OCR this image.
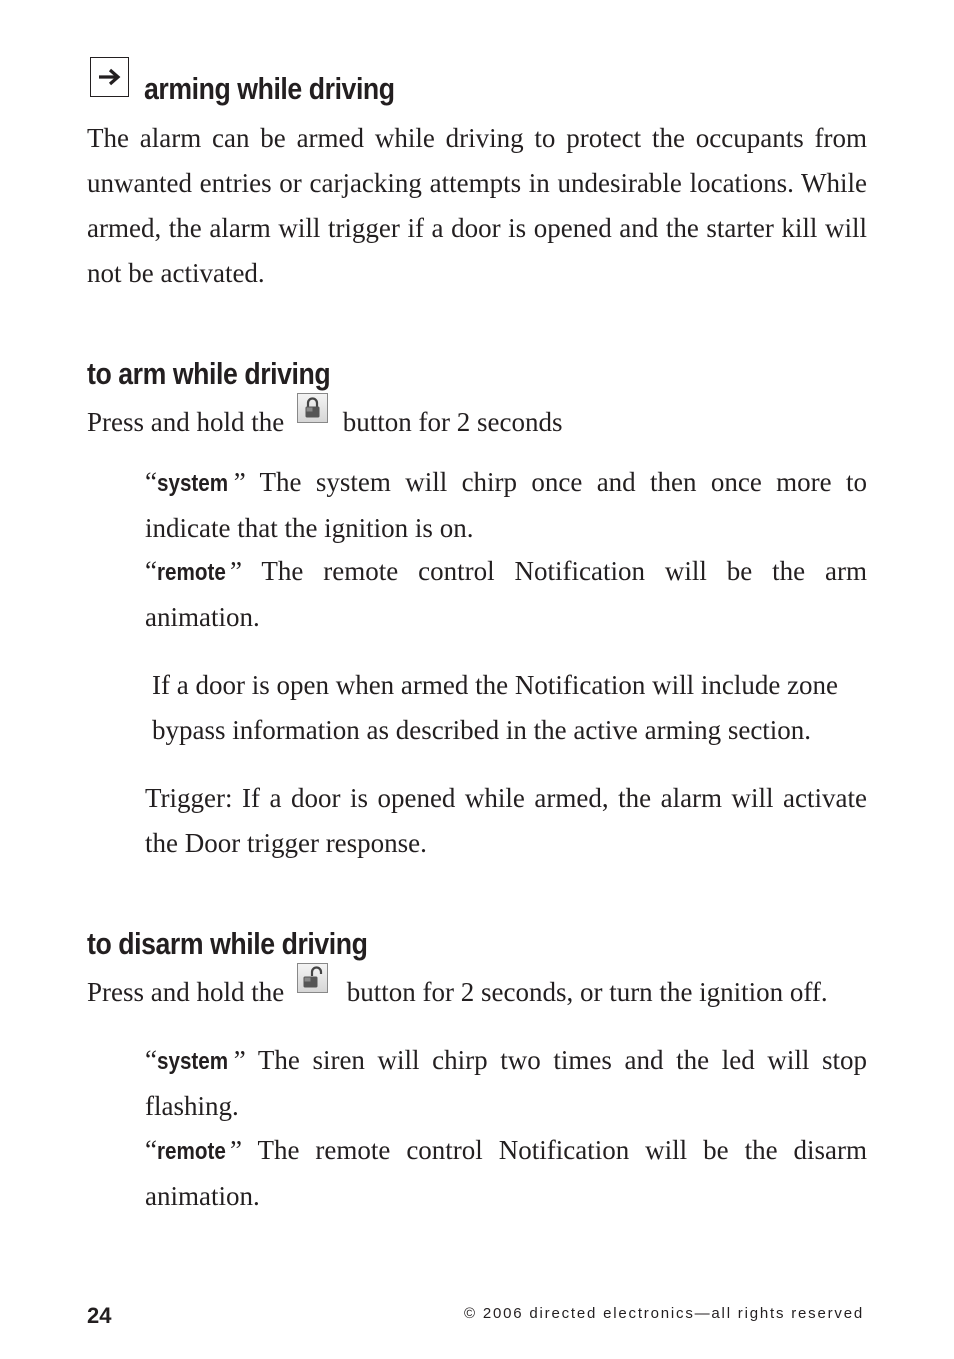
arming while driving
The alarm can be armed while driving to protect the occupants from unwanted entries or carjacking attempts in undesirable locations. While armed, the alarm will trigger if a door is opened and the starter kill will not be activated.
to arm while driving
Press and hold the button for 2 seconds
“system ” The system will chirp once and then once more to indicate that the ignition is on.
“remote ” The remote control Notification will be the arm animation.
If a door is open when armed the Notification will include zone bypass information as described in the active arming section.
Trigger: If a door is opened while armed, the alarm will activate the Door trigger response.
to disarm while driving
Press and hold the button for 2 seconds, or turn the ignition off.
“system ” The siren will chirp two times and the led will stop flashing.
“remote ” The remote control Notification will be the disarm animation.
24	© 2006 directed electronics—all rights reserved
